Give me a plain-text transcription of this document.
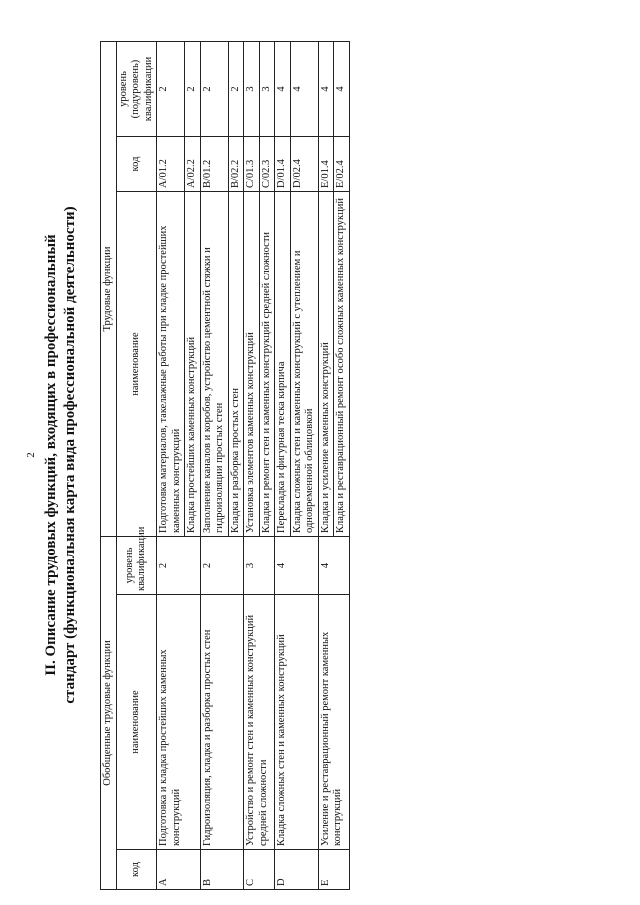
2 II. Описание трудовых функций, входящих в профессиональный стандарт (функциональная карта вида профессиональной деятельности)
Обобщенные трудовые функции			Трудовые функции		
код	наименование	уровень квалификации	наименование	код	уровень (подуровень) квалификации
A	Подготовка и кладка простейших каменных конструкций	2	Подготовка материалов, такелажные работы при кладке простейших каменных конструкций	A/01.2	2
			Кладка простейших каменных конструкций	A/02.2	2
B	Гидроизоляция, кладка и разборка простых стен	2	Заполнение каналов и коробов, устройство цементной стяжки и гидроизоляции простых стен	B/01.2	2
			Кладка и разборка простых стен	B/02.2	2
C	Устройство и ремонт стен и каменных конструкций средней сложности	3	Установка элементов каменных конструкций	C/01.3	3
			Кладка и ремонт стен и каменных конструкций средней сложности	C/02.3	3
D	Кладка сложных стен и каменных конструкций	4	Перекладка и фигурная теска кирпича	D/01.4	4
			Кладка сложных стен и каменных конструкций с утеплением и одновременной облицовкой	D/02.4	4
E	Усиление и реставрационный ремонт каменных конструкций	4	Кладка и усиление каменных конструкций	E/01.4	4
			Кладка и реставрационный ремонт особо сложных каменных конструкций	E/02.4	4
